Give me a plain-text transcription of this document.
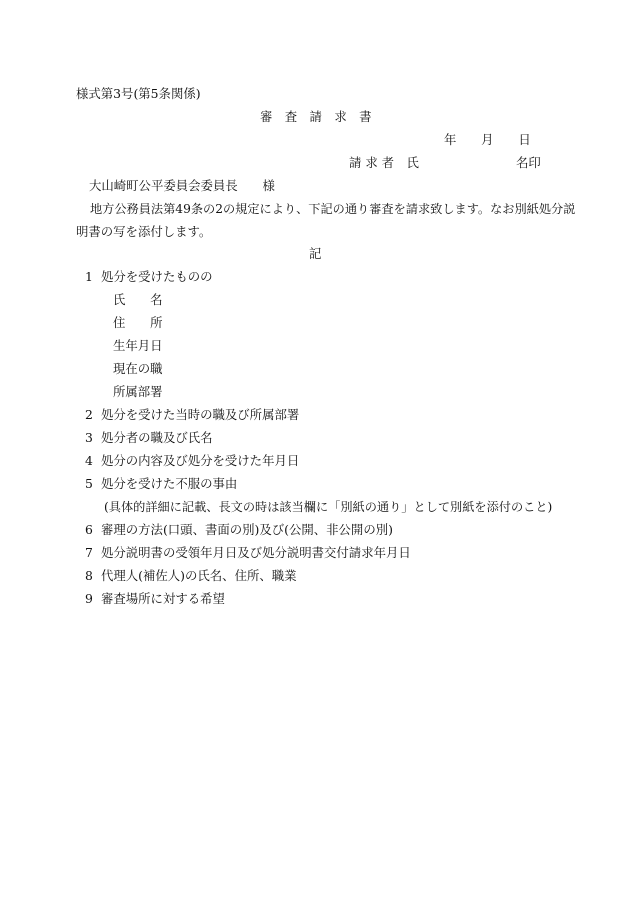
様式第3号(第5条関係)
審　査　請　求　書
年　　月　　日
請 求 者　氏	名印
大山崎町公平委員会委員長　　様
地方公務員法第49条の2の規定により、下記の通り審査を請求致します。なお別紙処分説
明書の写を添付します。
記
1 処分を受けたものの
氏　　名
住　　所
生年月日
現在の職
所属部署
2 処分を受けた当時の職及び所属部署
3 処分者の職及び氏名
4 処分の内容及び処分を受けた年月日
5 処分を受けた不服の事由
(具体的詳細に記載、長文の時は該当欄に「別紙の通り」として別紙を添付のこと)
6 審理の方法(口頭、書面の別)及び(公開、非公開の別)
7 処分説明書の受領年月日及び処分説明書交付請求年月日
8 代理人(補佐人)の氏名、住所、職業
9 審査場所に対する希望
